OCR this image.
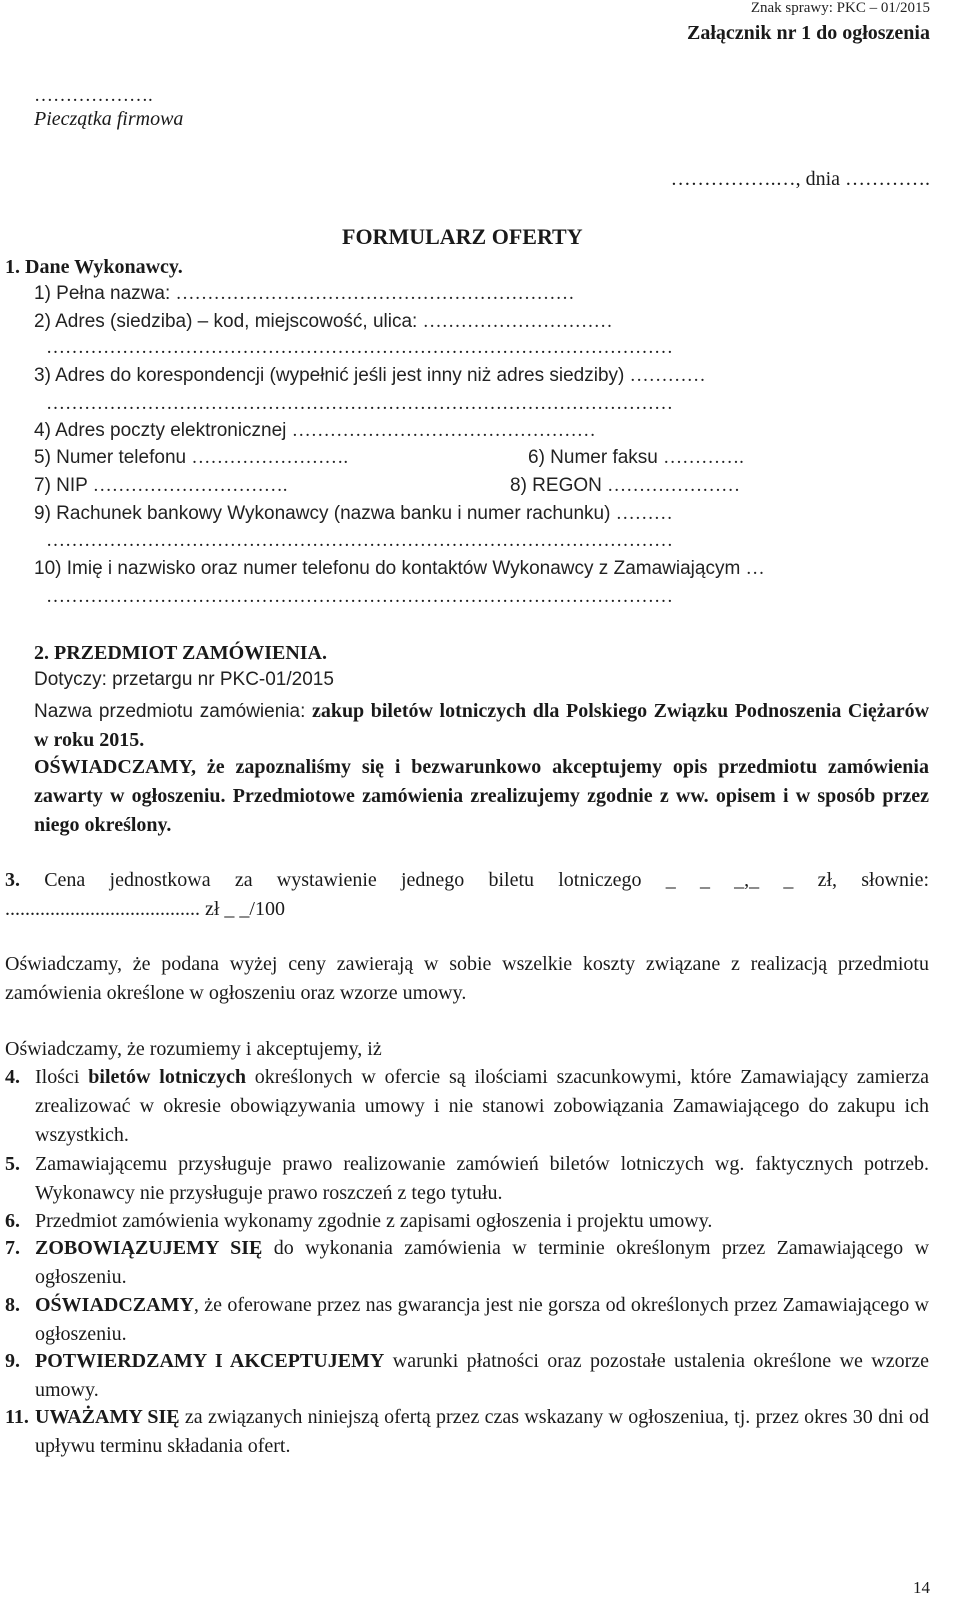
Znak sprawy: PKC – 01/2015
Załącznik nr 1 do ogłoszenia
……………….
Pieczątka firmowa
…………….…, dnia ………….
FORMULARZ OFERTY
1. Dane Wykonawcy.
1) Pełna nazwa: ………………………………………………………
2) Adres (siedziba) – kod, miejscowość, ulica: …………………………
………………………………………………………………………………………
3) Adres do korespondencji (wypełnić jeśli jest inny niż adres siedziby) …………
………………………………………………………………………………………
4) Adres poczty elektronicznej …………………………………………
5) Numer telefonu …………………….	6) Numer faksu ………….
7) NIP ………………………….	8) REGON …………………
9) Rachunek bankowy Wykonawcy (nazwa banku i numer rachunku) ………
………………………………………………………………………………………
10) Imię i nazwisko oraz numer telefonu do kontaktów Wykonawcy z Zamawiającym …
………………………………………………………………………………………
2. PRZEDMIOT ZAMÓWIENIA.
Dotyczy: przetargu nr PKC-01/2015
Nazwa przedmiotu zamówienia: zakup biletów lotniczych dla Polskiego Związku Podnoszenia Ciężarów w roku 2015.
OŚWIADCZAMY, że zapoznaliśmy się i bezwarunkowo akceptujemy opis przedmiotu zamówienia zawarty w ogłoszeniu. Przedmiotowe zamówienia zrealizujemy zgodnie z ww. opisem i w sposób przez niego określony.
3. Cena jednostkowa za wystawienie jednego biletu lotniczego _ _ _,_ _ zł, słownie:
....................................... zł _ _/100
Oświadczamy, że podana wyżej ceny zawierają w sobie wszelkie koszty związane z realizacją przedmiotu zamówienia określone w ogłoszeniu oraz wzorze umowy.
Oświadczamy, że rozumiemy i akceptujemy, iż
4. Ilości biletów lotniczych określonych w ofercie są ilościami szacunkowymi, które Zamawiający zamierza zrealizować w okresie obowiązywania umowy i nie stanowi zobowiązania Zamawiającego do zakupu ich wszystkich.
5. Zamawiającemu przysługuje prawo realizowanie zamówień biletów lotniczych wg. faktycznych potrzeb. Wykonawcy nie przysługuje prawo roszczeń z tego tytułu.
6. Przedmiot zamówienia wykonamy zgodnie z zapisami ogłoszenia i projektu umowy.
7. ZOBOWIĄZUJEMY SIĘ do wykonania zamówienia w terminie określonym przez Zamawiającego w ogłoszeniu.
8. OŚWIADCZAMY, że oferowane przez nas gwarancja jest nie gorsza od określonych przez Zamawiającego w ogłoszeniu.
9. POTWIERDZAMY I AKCEPTUJEMY warunki płatności oraz pozostałe ustalenia określone we wzorze umowy.
11. UWAŻAMY SIĘ za związanych niniejszą ofertą przez czas wskazany w ogłoszeniua, tj. przez okres 30 dni od upływu terminu składania ofert.
14
